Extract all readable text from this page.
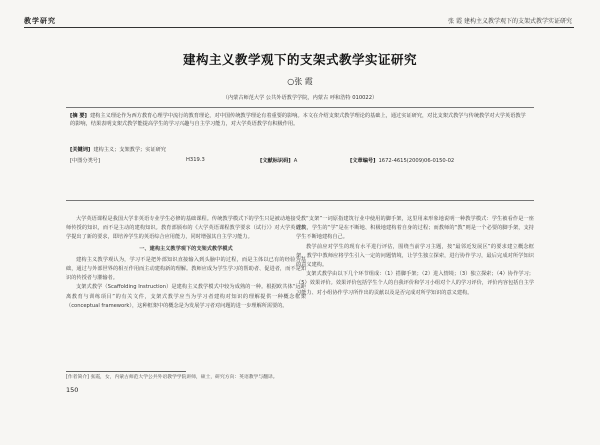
教学研究	张 霞 建构主义教学观下的支架式教学实证研究
建构主义教学观下的支架式教学实证研究
○张 霞
（内蒙古师范大学 公共外语教学学院，内蒙古 呼和浩特 010022）
[摘 要] 建构主义理论作为西方教育心理学中流行的教育理论，对中国传统教学理论有着重要的影响。本文在介绍支架式教学理论的基础上，通过实证研究，对比支架式教学与传统教学对大学英语教学的影响，结果表明支架式教学能提高学生的学习兴趣与自主学习能力，对大学英语教学有积极作用。
[关键词] 建构主义；支架教学；实证研究
[中图分类号]	H319.3	[文献标识码] A	[文章编号] 1672-4615(2009)06-0150-02

大学英语课程是我国大学非英语专业学生必修的基础课程。传统教学模式下的学生只是被动地接受教师传授的知识，而不是主动的建构知识。教育部颁布的《大学英语课程教学要求（试行）》对大学英语教学提出了新的要求，即培养学生的英语综合应用能力，同时增强其自主学习能力。

一、建构主义教学观下的支架式教学模式

建构主义教学观认为，学习不是把外部知识直接输入到头脑中的过程，而是主体以已有的经验为基础，通过与外部世界的相互作用而主动建构新的理解。教师应成为学生学习的帮助者、促进者，而不是知识的传授者与灌输者。

支架式教学（Scaffolding Instruction）是建构主义教学模式中较为成熟的一种。根据欧共体“远距离教育与训练项目”的有关文件，支架式教学应当为学习者建构对知识的理解提供一种概念框架（conceptual framework），这种框架中的概念是为发展学习者对问题的进一步理解所需要的。

“支架”一词原指建筑行业中使用的脚手架，这里用来形象地说明一种教学模式：学生被看作是一座建筑，学生的“学”是在不断地、积极地建构着自身的过程；而教师的“教”则是一个必要的脚手架，支持学生不断地建构自己。

教学前应对学生的现有水平进行评估，围绕当前学习主题，按“最邻近发展区”的要求建立概念框架。教学中教师应将学生引入一定的问题情境，让学生独立探索，进行协作学习，最后完成对所学知识的意义建构。

支架式教学由以下几个环节组成：（1）搭脚手架；（2）进入情境；（3）独立探索；（4）协作学习；（5）效果评价。效果评价包括学生个人的自我评价和学习小组对个人的学习评价，评价内容包括自主学习能力、对小组协作学习所作出的贡献以及是否完成对所学知识的意义建构。

[作者简介] 张霞，女，内蒙古师范大学公共外语教学学院讲师，硕士，研究方向：英语教学与翻译。
150
